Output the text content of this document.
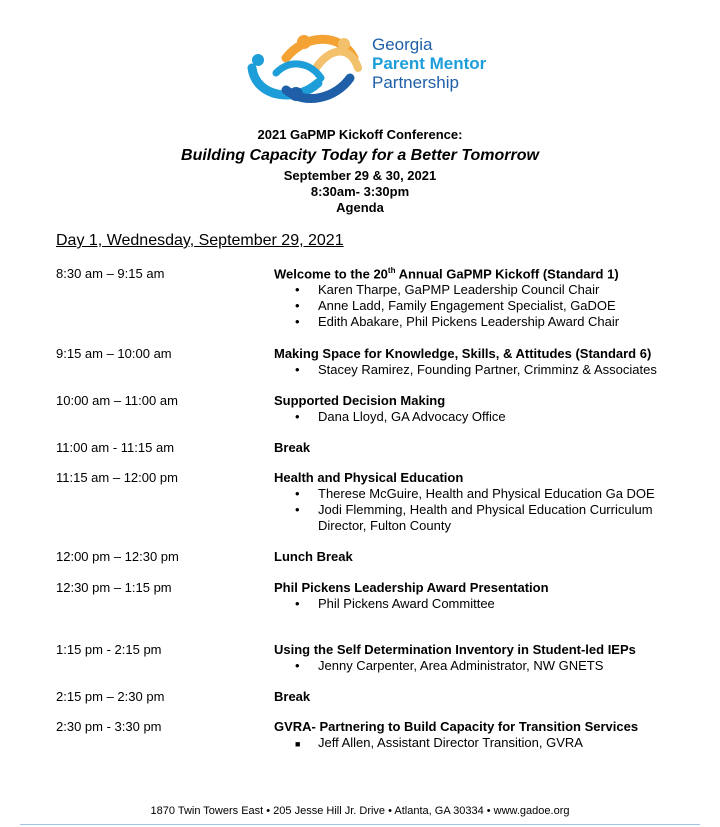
Georgia
Parent Mentor
Partnership
2021 GaPMP Kickoff Conference:
Building Capacity Today for a Better Tomorrow
September 29 & 30, 2021
8:30am- 3:30pm
Agenda
Day 1, Wednesday, September 29, 2021
8:30 am – 9:15 am	Welcome to the 20th Annual GaPMP Kickoff (Standard 1)
• Karen Tharpe, GaPMP Leadership Council Chair
• Anne Ladd, Family Engagement Specialist, GaDOE
• Edith Abakare, Phil Pickens Leadership Award Chair
9:15 am – 10:00 am	Making Space for Knowledge, Skills, & Attitudes (Standard 6)
• Stacey Ramirez, Founding Partner, Crimminz & Associates
10:00 am – 11:00 am	Supported Decision Making
• Dana Lloyd, GA Advocacy Office
11:00 am - 11:15 am	Break
11:15 am – 12:00 pm	Health and Physical Education
• Therese McGuire, Health and Physical Education Ga DOE
• Jodi Flemming, Health and Physical Education Curriculum
Director, Fulton County
12:00 pm – 12:30 pm	Lunch Break
12:30 pm – 1:15 pm	Phil Pickens Leadership Award Presentation
• Phil Pickens Award Committee
1:15 pm - 2:15 pm	Using the Self Determination Inventory in Student-led IEPs
• Jenny Carpenter, Area Administrator, NW GNETS
2:15 pm – 2:30 pm	Break
2:30 pm - 3:30 pm	GVRA- Partnering to Build Capacity for Transition Services
■ Jeff Allen, Assistant Director Transition, GVRA
1870 Twin Towers East • 205 Jesse Hill Jr. Drive • Atlanta, GA 30334 • www.gadoe.org
